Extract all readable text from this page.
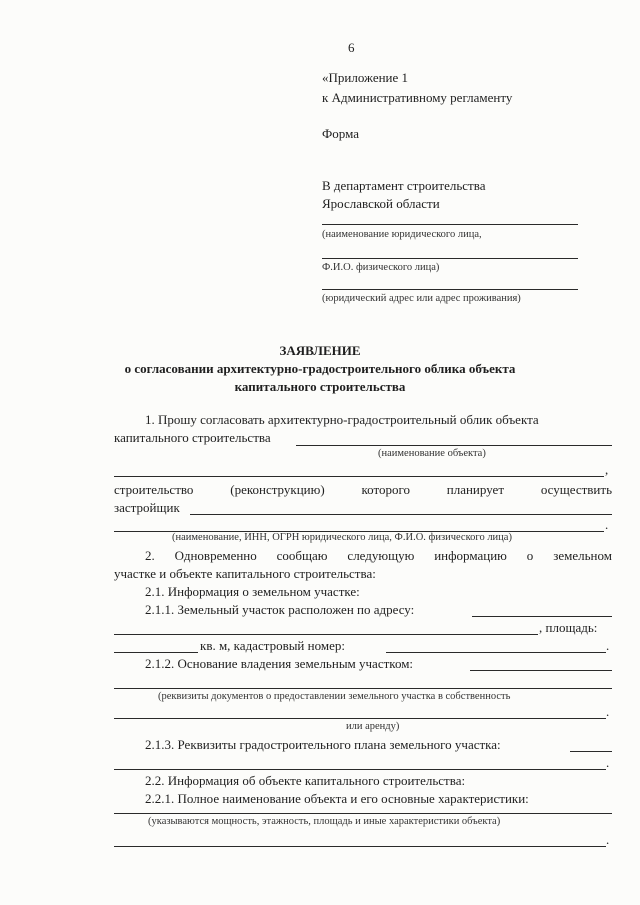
6
«Приложение 1
к Административному регламенту
Форма
В департамент строительства
Ярославской области
(наименование юридического лица,
Ф.И.О. физического лица)
(юридический адрес или адрес проживания)
ЗАЯВЛЕНИЕ
о согласовании архитектурно-градостроительного облика объекта
капитального строительства
1. Прошу согласовать архитектурно-градостроительный облик объекта
капитального строительства
(наименование объекта)
,
строительство	(реконструкцию)	которого	планирует	осуществить
застройщик
.
(наименование, ИНН, ОГРН юридического лица, Ф.И.О. физического лица)
2. Одновременно сообщаю следующую информацию о земельном
участке и объекте капитального строительства:
2.1. Информация о земельном участке:
2.1.1. Земельный участок расположен по адресу:
, площадь:
кв. м, кадастровый номер:	.
2.1.2. Основание владения земельным участком:
(реквизиты документов о предоставлении земельного участка в собственность
.
или аренду)
2.1.3. Реквизиты градостроительного плана земельного участка:
.
2.2. Информация об объекте капитального строительства:
2.2.1. Полное наименование объекта и его основные характеристики:
(указываются мощность, этажность, площадь и иные характеристики объекта)
.
